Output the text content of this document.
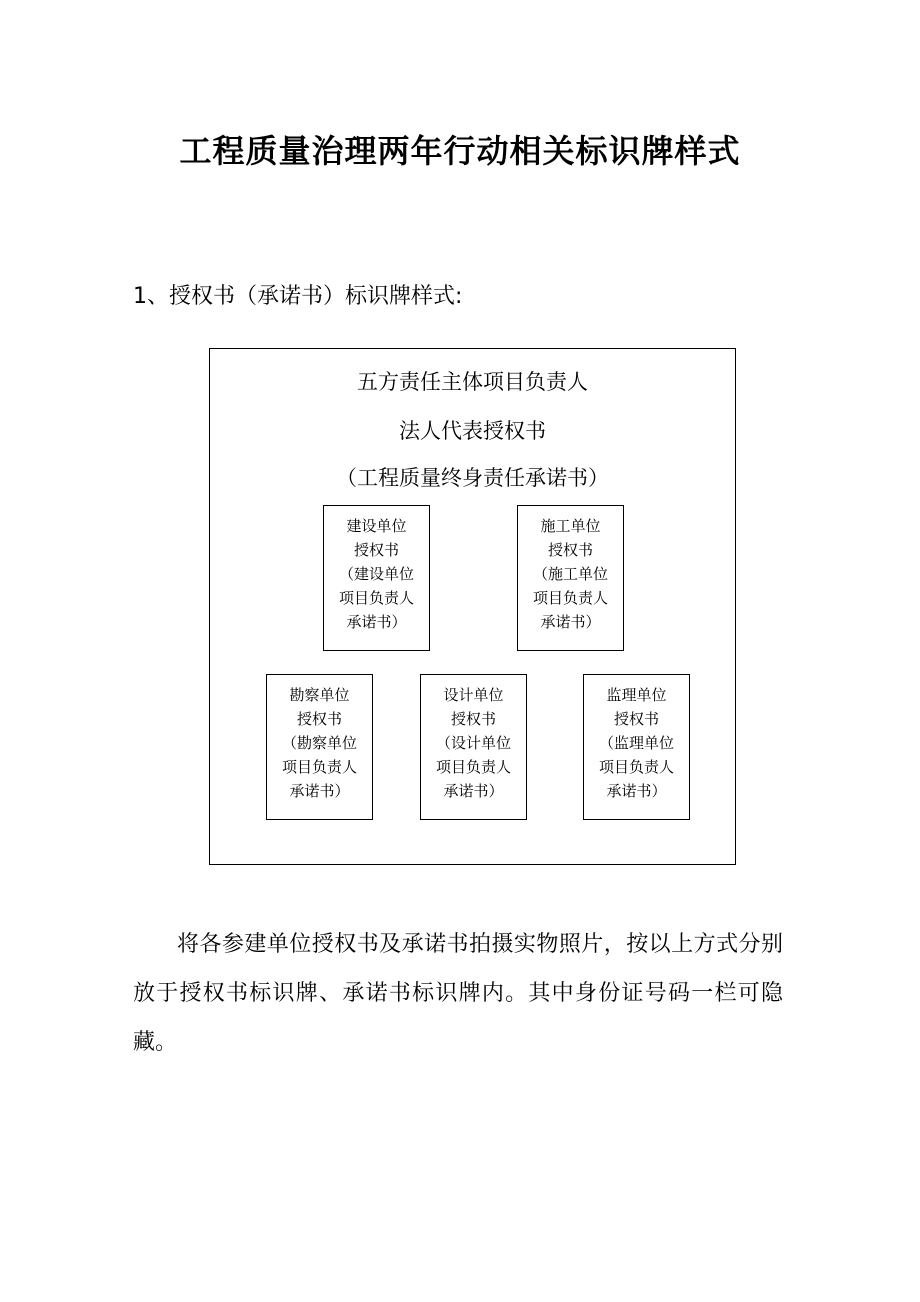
工程质量治理两年行动相关标识牌样式
1、授权书（承诺书）标识牌样式:
五方责任主体项目负责人
法人代表授权书
（工程质量终身责任承诺书）
建设单位
授权书
（建设单位
项目负责人
承诺书）
施工单位
授权书
（施工单位
项目负责人
承诺书）
勘察单位
授权书
（勘察单位
项目负责人
承诺书）
设计单位
授权书
（设计单位
项目负责人
承诺书）
监理单位
授权书
（监理单位
项目负责人
承诺书）
将各参建单位授权书及承诺书拍摄实物照片，按以上方式分别放于授权书标识牌、承诺书标识牌内。其中身份证号码一栏可隐藏。
